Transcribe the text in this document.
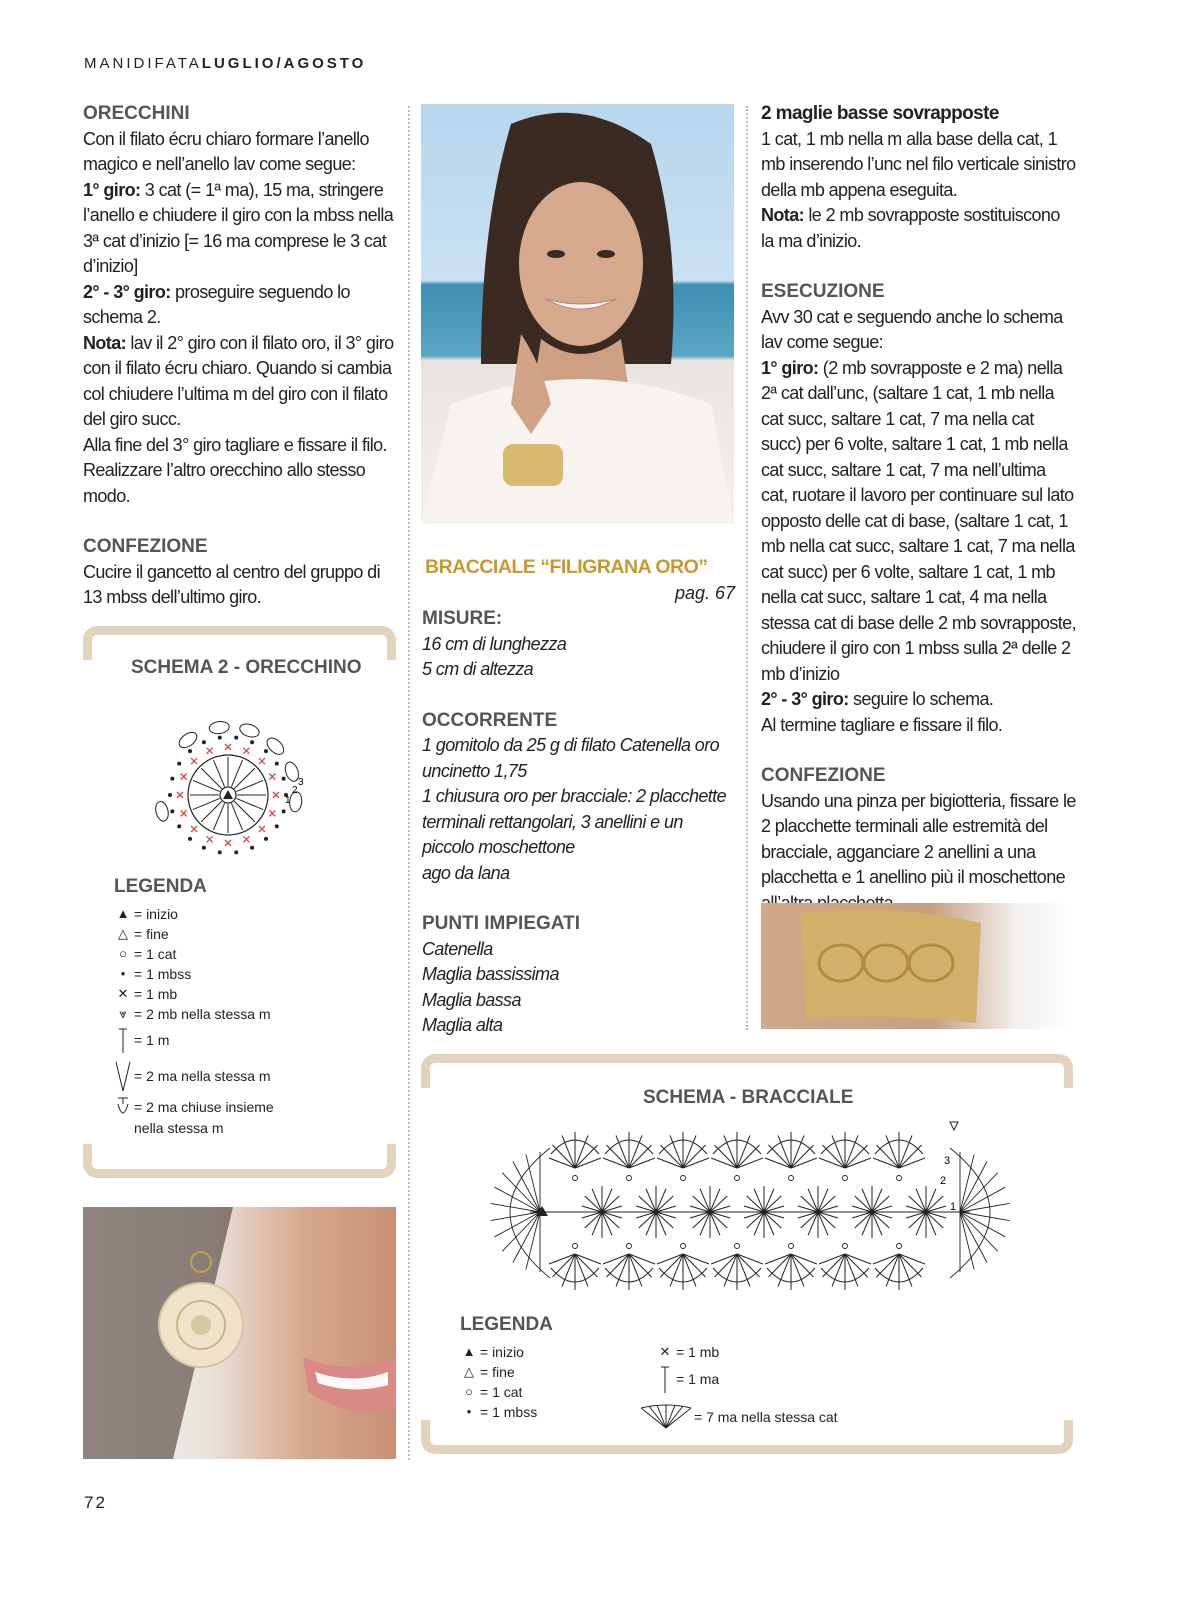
MANIDIFATALUGLIO/AGOSTO

ORECCHINI

Con il filato écru chiaro formare l’anello magico e nell’anello lav come segue:

1° giro: 3 cat (= 1ª ma), 15 ma, stringere l’anello e chiudere il giro con la mbss nella 3ª cat d’inizio [= 16 ma comprese le 3 cat d’inizio]

2° - 3° giro: proseguire seguendo lo schema 2.

Nota: lav il 2° giro con il filato oro, il 3° giro con il filato écru chiaro. Quando si cambia col chiudere l’ultima m del giro con il filato del giro succ.

Alla fine del 3° giro tagliare e fissare il filo.

Realizzare l’altro orecchino allo stesso modo.

CONFEZIONE

Cucire il gancetto al centro del gruppo di 13 mbss dell’ultimo giro.

SCHEMA 2 - ORECCHINO
1
2
3
LEGENDA
▲ = inizio
△ = fine
○ = 1 cat
• = 1 mbss
✕ = 1 mb
⩔ = 2 mb nella stessa m
= 1 m
= 2 ma nella stessa m
= 2 ma chiuse insieme
nella stessa m
BRACCIALE “FILIGRANA ORO”
pag. 67

MISURE:

16 cm di lunghezza

5 cm di altezza

OCCORRENTE

1 gomitolo da 25 g di filato Catenella oro

uncinetto 1,75

1 chiusura oro per bracciale: 2 placchette terminali rettangolari, 3 anellini e un piccolo moschettone

ago da lana

PUNTI IMPIEGATI

Catenella

Maglia bassissima

Maglia bassa

Maglia alta

2 maglie basse sovrapposte

1 cat, 1 mb nella m alla base della cat, 1 mb inserendo l’unc nel filo verticale sinistro della mb appena eseguita.

Nota: le 2 mb sovrapposte sostituiscono la ma d’inizio.

ESECUZIONE

Avv 30 cat e seguendo anche lo schema lav come segue:

1° giro: (2 mb sovrapposte e 2 ma) nella 2ª cat dall’unc, (saltare 1 cat, 1 mb nella cat succ, saltare 1 cat, 7 ma nella cat succ) per 6 volte, saltare 1 cat, 1 mb nella cat succ, saltare 1 cat, 7 ma nell’ultima cat, ruotare il lavoro per continuare sul lato opposto delle cat di base, (saltare 1 cat, 1 mb nella cat succ, saltare 1 cat, 7 ma nella cat succ) per 6 volte, saltare 1 cat, 1 mb nella cat succ, saltare 1 cat, 4 ma nella stessa cat di base delle 2 mb sovrapposte, chiudere il giro con 1 mbss sulla 2ª delle 2 mb d’inizio

2° - 3° giro: seguire lo schema.

Al termine tagliare e fissare il filo.

CONFEZIONE

Usando una pinza per bigiotteria, fissare le 2 placchette terminali alle estremità del bracciale, agganciare 2 anellini a una placchetta e 1 anellino più il moschettone

SCHEMA - BRACCIALE
3
2
1
LEGENDA
▲ = inizio
△ = fine
○ = 1 cat
• = 1 mbss
✕ = 1 mb
= 1 ma
= 7 ma nella stessa cat
72
